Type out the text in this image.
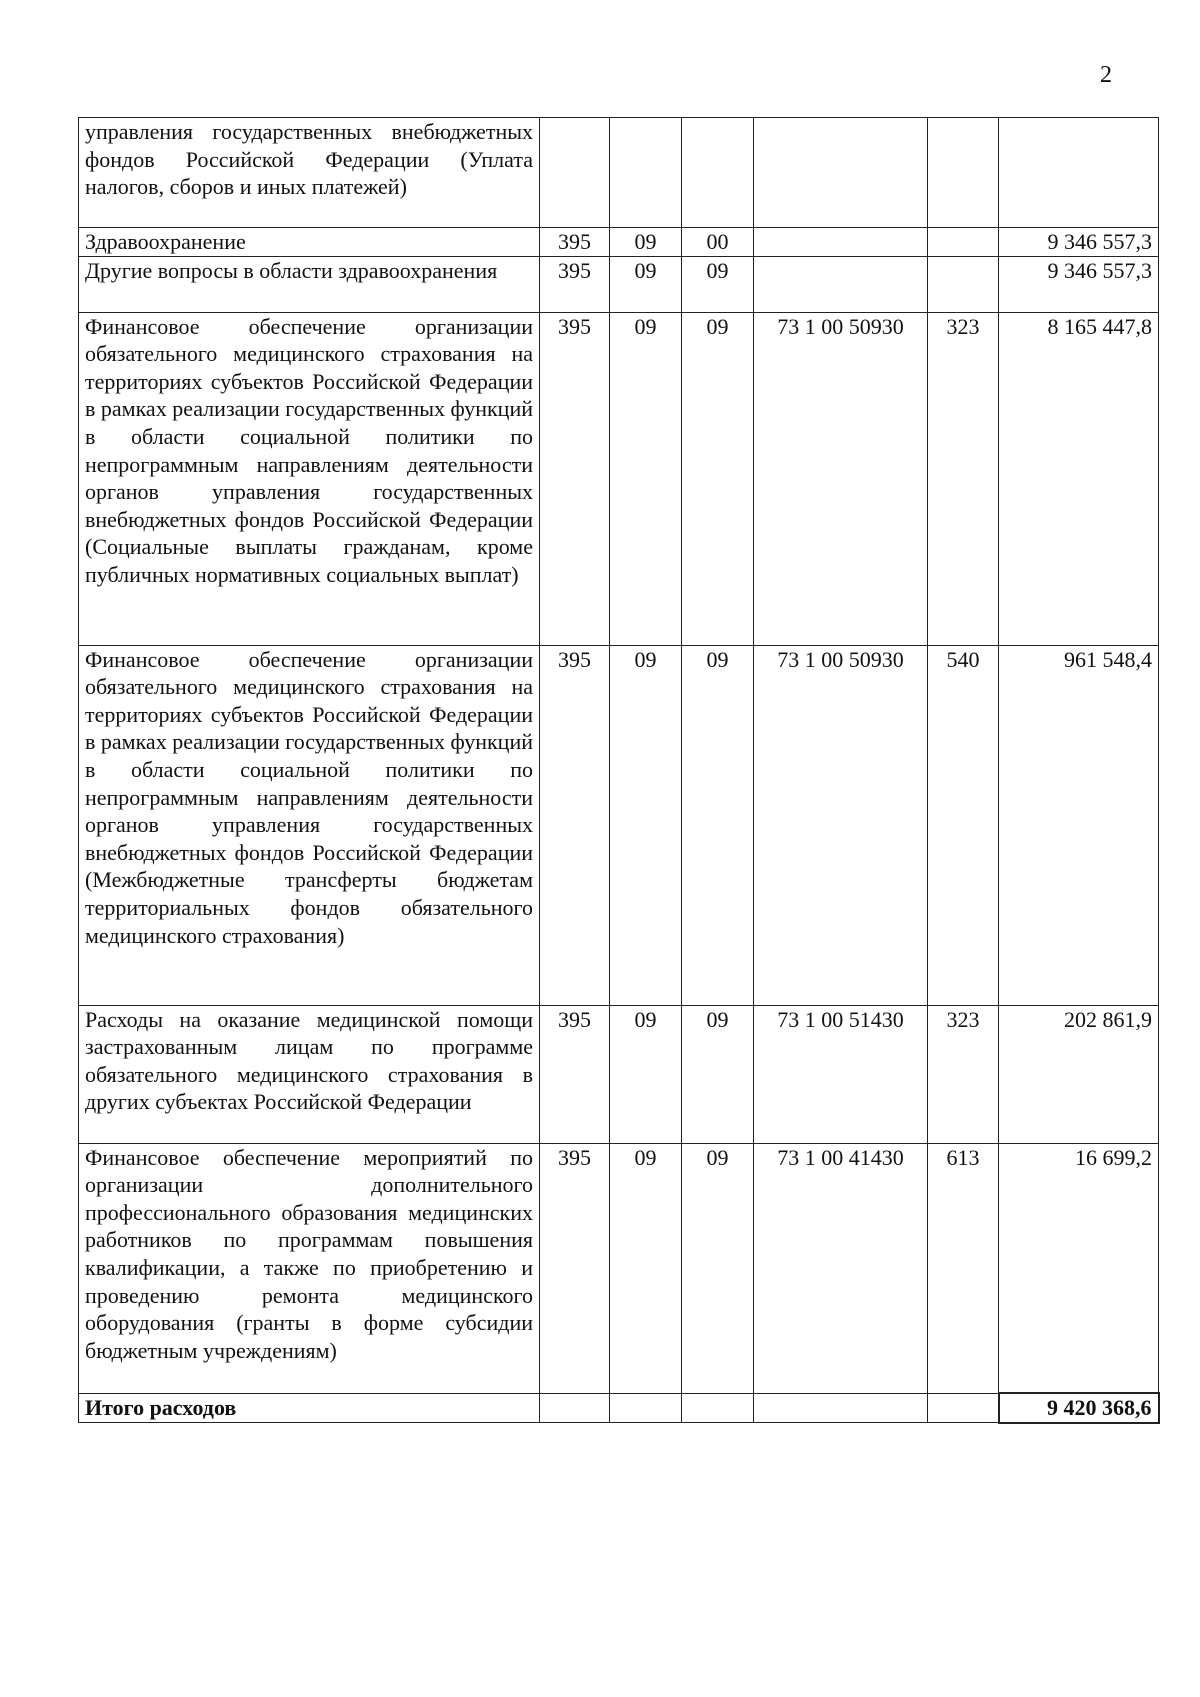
2
управления государственных внебюджетных фондов Российской Федерации (Уплата налогов, сборов и иных платежей)						
Здравоохранение	395	09	00			9 346 557,3
Другие вопросы в области здравоохранения	395	09	09			9 346 557,3
Финансовое обеспечение организации обязательного медицинского страхования на территориях субъектов Российской Федерации в рамках реализации государственных функций в области социальной политики по непрограммным направлениям деятельности органов управления государственных внебюджетных фондов Российской Федерации (Социальные выплаты гражданам, кроме публичных нормативных социальных выплат)	395	09	09	73 1 00 50930	323	8 165 447,8
Финансовое обеспечение организации обязательного медицинского страхования на территориях субъектов Российской Федерации в рамках реализации государственных функций в области социальной политики по непрограммным направлениям деятельности органов управления государственных внебюджетных фондов Российской Федерации (Межбюджетные трансферты бюджетам территориальных фондов обязательного медицинского страхования)	395	09	09	73 1 00 50930	540	961 548,4
Расходы на оказание медицинской помощи застрахованным лицам по программе обязательного медицинского страхования в других субъектах Российской Федерации	395	09	09	73 1 00 51430	323	202 861,9
Финансовое обеспечение мероприятий по организации дополнительного профессионального образования медицинских работников по программам повышения квалификации, а также по приобретению и проведению ремонта медицинского оборудования (гранты в форме субсидии бюджетным учреждениям)	395	09	09	73 1 00 41430	613	16 699,2
Итого расходов						9 420 368,6
